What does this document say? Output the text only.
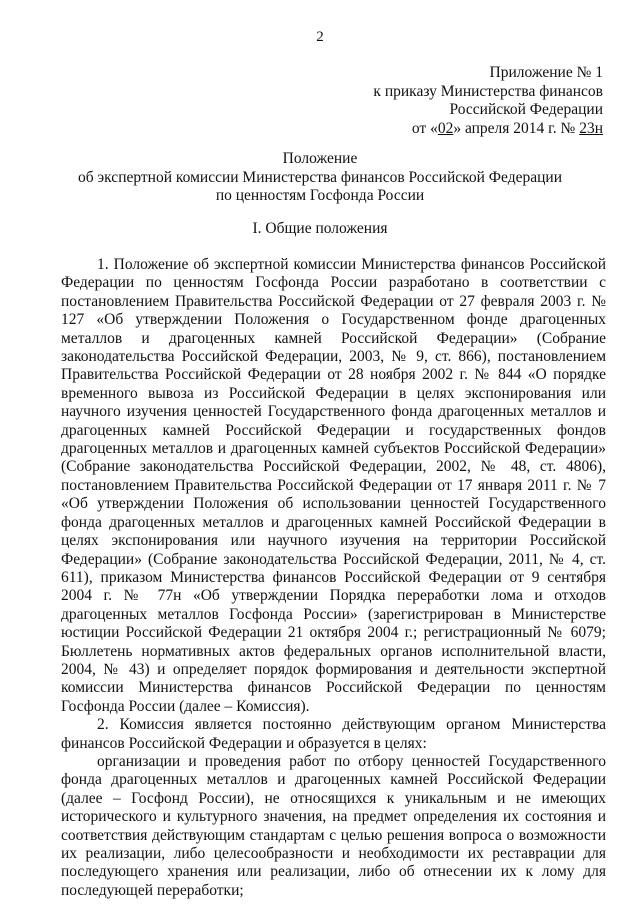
2
Приложение № 1
к приказу Министерства финансов
Российской Федерации
от «02» апреля 2014 г. № 23н
Положение
об экспертной комиссии Министерства финансов Российской Федерации
по ценностям Госфонда России
I. Общие положения

1. Положение об экспертной комиссии Министерства финансов Российской Федерации по ценностям Госфонда России разработано в соответствии с постановлением Правительства Российской Федерации от 27 февраля 2003 г. № 127 «Об утверждении Положения о Государственном фонде драгоценных металлов и драгоценных камней Российской Федерации» (Собрание законодательства Российской Федерации, 2003, № 9, ст. 866), постановлением Правительства Российской Федерации от 28 ноября 2002 г. № 844 «О порядке временного вывоза из Российской Федерации в целях экспонирования или научного изучения ценностей Государственного фонда драгоценных металлов и драгоценных камней Российской Федерации и государственных фондов драгоценных металлов и драгоценных камней субъектов Российской Федерации» (Собрание законодательства Российской Федерации, 2002, № 48, ст. 4806), постановлением Правительства Российской Федерации от 17 января 2011 г. № 7 «Об утверждении Положения об использовании ценностей Государственного фонда драгоценных металлов и драгоценных камней Российской Федерации в целях экспонирования или научного изучения на территории Российской Федерации» (Собрание законодательства Российской Федерации, 2011, № 4, ст. 611), приказом Министерства финансов Российской Федерации от 9 сентября 2004 г. № 77н «Об утверждении Порядка переработки лома и отходов драгоценных металлов Госфонда России» (зарегистрирован в Министерстве юстиции Российской Федерации 21 октября 2004 г.; регистрационный № 6079; Бюллетень нормативных актов федеральных органов исполнительной власти, 2004, № 43) и определяет порядок формирования и деятельности экспертной комиссии Министерства финансов Российской Федерации по ценностям Госфонда России (далее – Комиссия).

2. Комиссия является постоянно действующим органом Министерства финансов Российской Федерации и образуется в целях:

организации и проведения работ по отбору ценностей Государственного фонда драгоценных металлов и драгоценных камней Российской Федерации (далее – Госфонд России), не относящихся к уникальным и не имеющих исторического и культурного значения, на предмет определения их состояния и соответствия действующим стандартам с целью решения вопроса о возможности их реализации, либо целесообразности и необходимости их реставрации для последующего хранения или реализации, либо об отнесении их к лому для последующей переработки;
